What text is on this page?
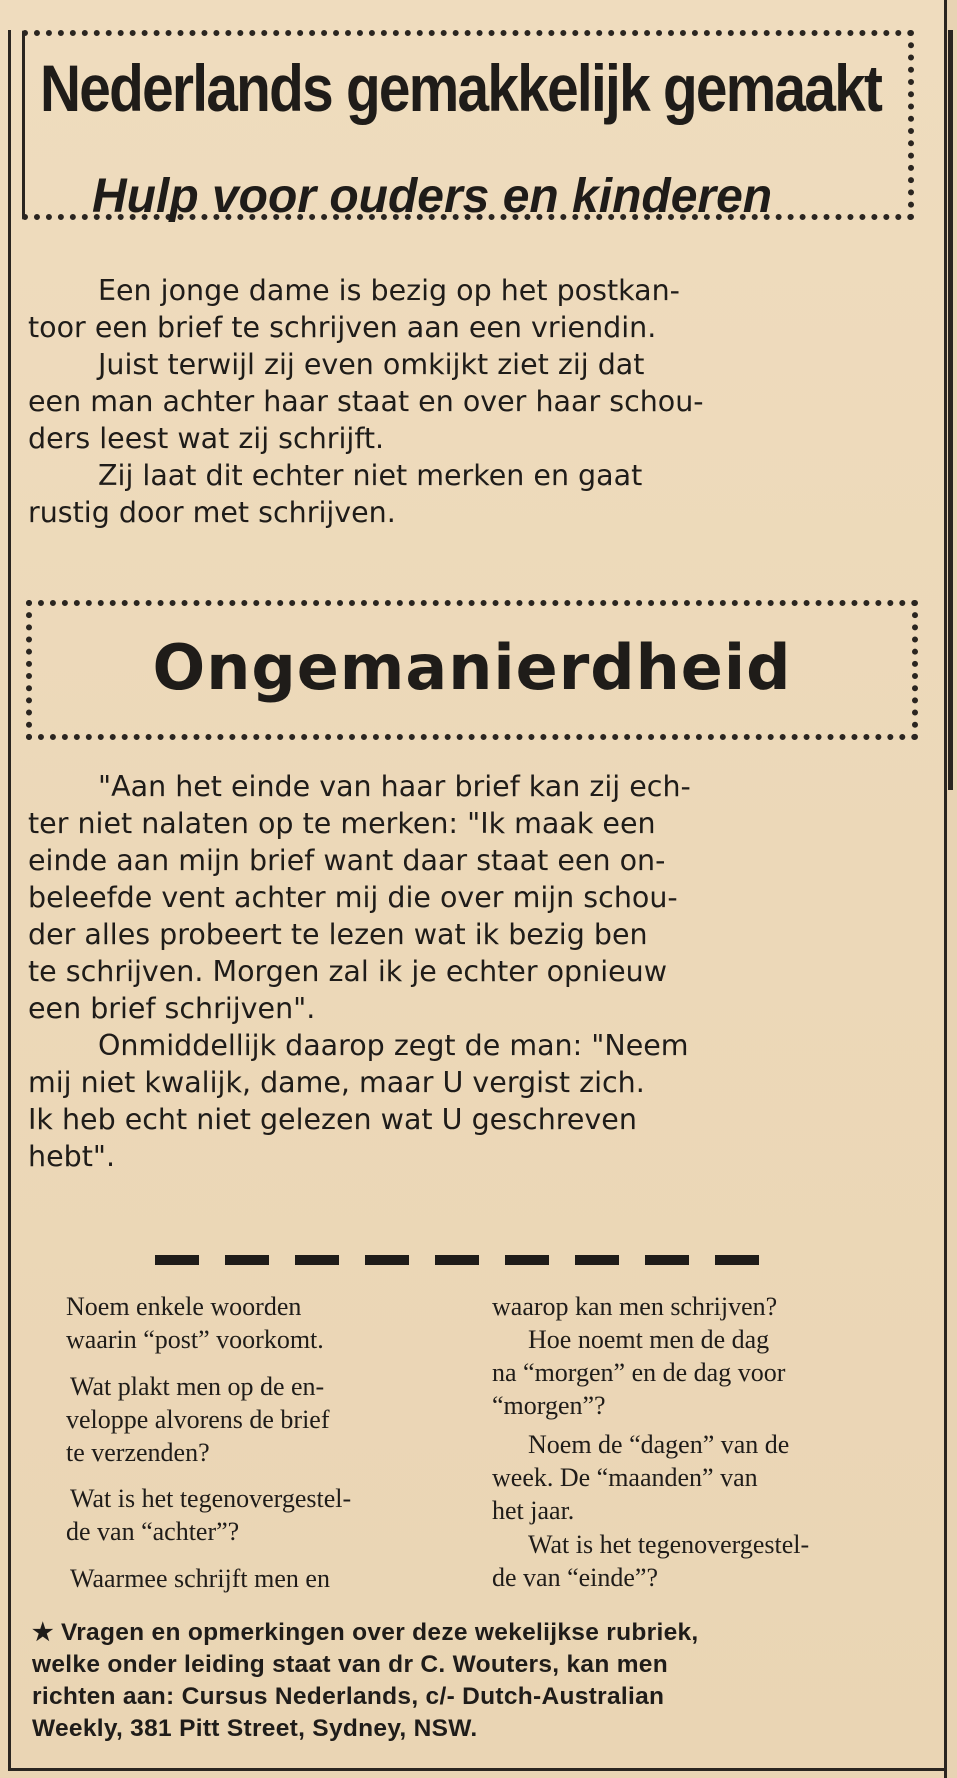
Nederlands gemakkelijk gemaakt
Hulp voor ouders en kinderen
Een jonge dame is bezig op het postkan-
toor een brief te schrijven aan een vriendin.
Juist terwijl zij even omkijkt ziet zij dat
een man achter haar staat en over haar schou-
ders leest wat zij schrijft.
Zij laat dit echter niet merken en gaat
rustig door met schrijven.
Ongemanierdheid
"Aan het einde van haar brief kan zij ech-
ter niet nalaten op te merken: "Ik maak een
einde aan mijn brief want daar staat een on-
beleefde vent achter mij die over mijn schou-
der alles probeert te lezen wat ik bezig ben
te schrijven. Morgen zal ik je echter opnieuw
een brief schrijven".
Onmiddellijk daarop zegt de man: "Neem
mij niet kwalijk, dame, maar U vergist zich.
Ik heb echt niet gelezen wat U geschreven
hebt".
Noem enkele woorden
waarin “post” voorkomt.
Wat plakt men op de en-
veloppe alvorens de brief
te verzenden?
Wat is het tegenovergestel-
de van “achter”?
Waarmee schrijft men en
waarop kan men schrijven?
Hoe noemt men de dag
na “morgen” en de dag voor
“morgen”?
Noem de “dagen” van de
week. De “maanden” van
het jaar.
Wat is het tegenovergestel-
de van “einde”?
★ Vragen en opmerkingen over deze wekelijkse rubriek,
welke onder leiding staat van dr C. Wouters, kan men
richten aan: Cursus Nederlands, c/- Dutch-Australian
Weekly, 381 Pitt Street, Sydney, NSW.
